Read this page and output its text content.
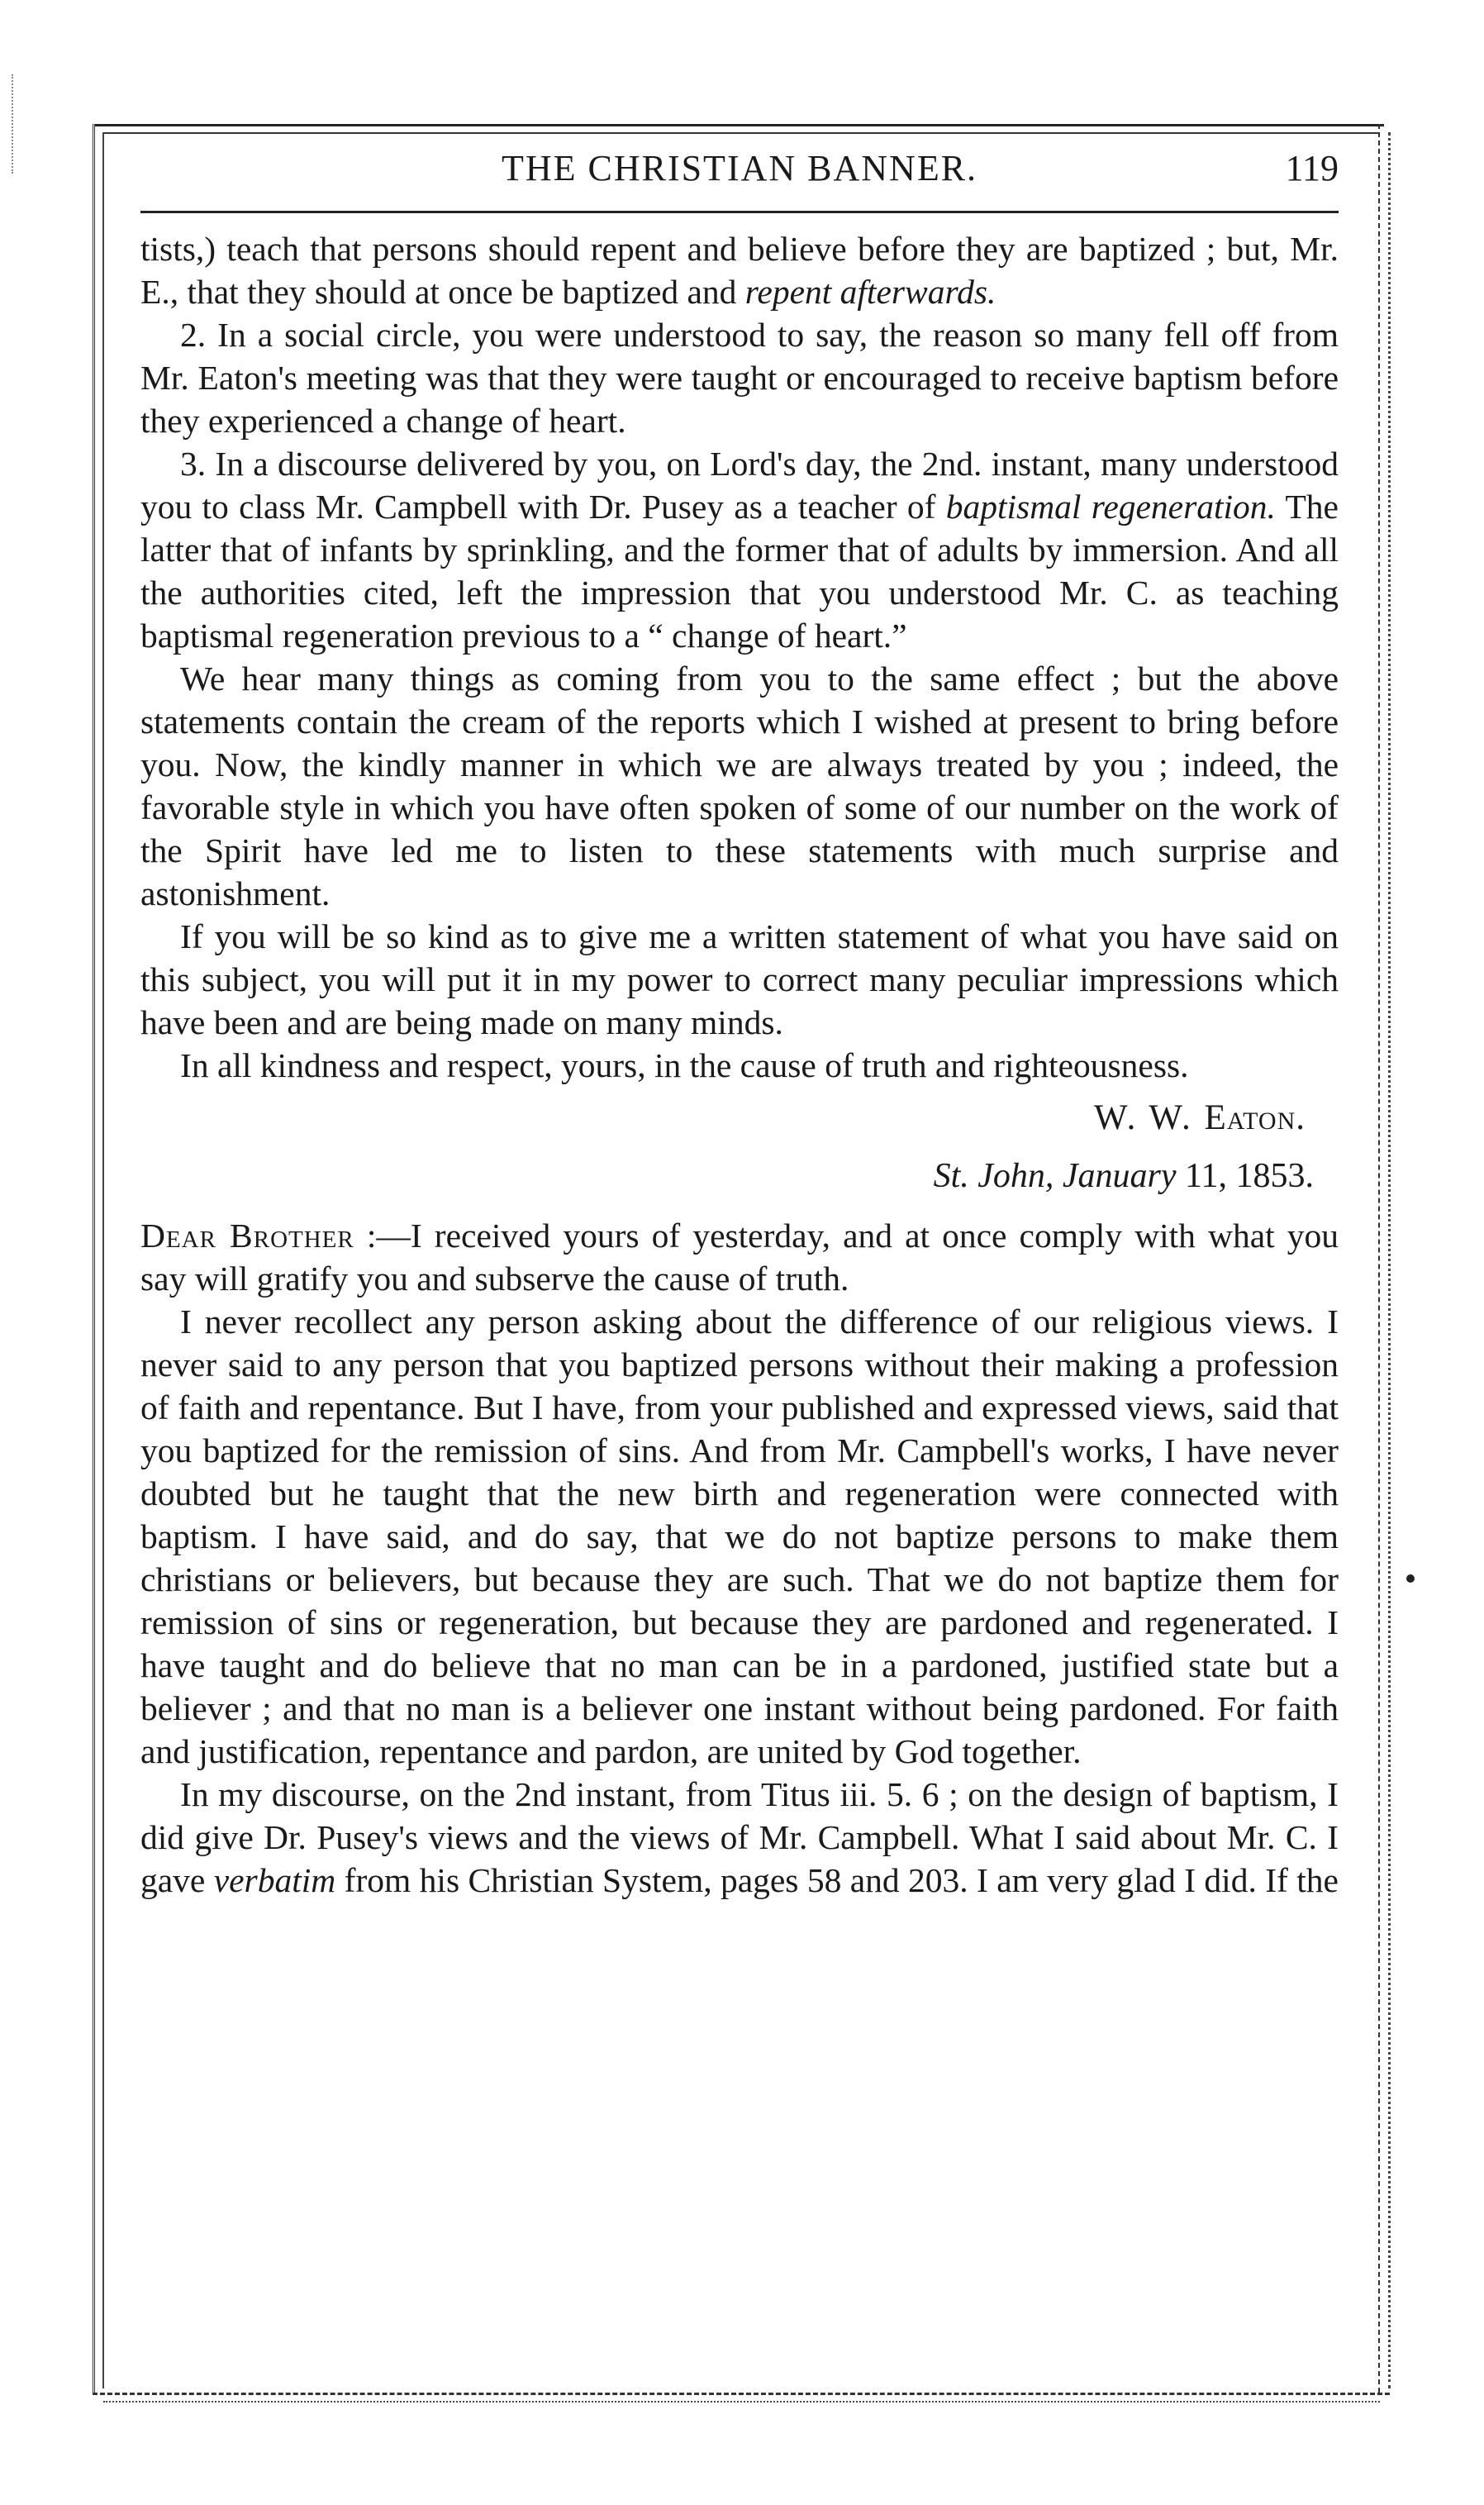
THE CHRISTIAN BANNER.	119

tists,) teach that persons should repent and believe before they are baptized ; but, Mr. E., that they should at once be baptized and repent afterwards.

2. In a social circle, you were understood to say, the reason so many fell off from Mr. Eaton's meeting was that they were taught or encouraged to receive baptism before they experienced a change of heart.

3. In a discourse delivered by you, on Lord's day, the 2nd. instant, many understood you to class Mr. Campbell with Dr. Pusey as a teacher of baptismal regeneration. The latter that of infants by sprinkling, and the former that of adults by immersion. And all the authorities cited, left the impression that you understood Mr. C. as teaching baptismal regeneration previous to a “ change of heart.”

We hear many things as coming from you to the same effect ; but the above statements contain the cream of the reports which I wished at present to bring before you. Now, the kindly manner in which we are always treated by you ; indeed, the favorable style in which you have often spoken of some of our number on the work of the Spirit have led me to listen to these statements with much surprise and astonishment.

If you will be so kind as to give me a written statement of what you have said on this subject, you will put it in my power to correct many peculiar impressions which have been and are being made on many minds.

In all kindness and respect, yours, in the cause of truth and righteousness.

W. W. Eaton.
St. John, January 11, 1853.

Dear Brother :—I received yours of yesterday, and at once comply with what you say will gratify you and subserve the cause of truth.

I never recollect any person asking about the difference of our religious views. I never said to any person that you baptized persons without their making a profession of faith and repentance. But I have, from your published and expressed views, said that you baptized for the remission of sins. And from Mr. Campbell's works, I have never doubted but he taught that the new birth and regeneration were connected with baptism. I have said, and do say, that we do not baptize persons to make them christians or believers, but because they are such. That we do not baptize them for remission of sins or regeneration, but because they are pardoned and regenerated. I have taught and do believe that no man can be in a pardoned, justified state but a believer ; and that no man is a believer one instant without being pardoned. For faith and justification, repentance and pardon, are united by God together.

In my discourse, on the 2nd instant, from Titus iii. 5. 6 ; on the design of baptism, I did give Dr. Pusey's views and the views of Mr. Campbell. What I said about Mr. C. I gave verbatim from his Christian System, pages 58 and 203. I am very glad I did. If the
